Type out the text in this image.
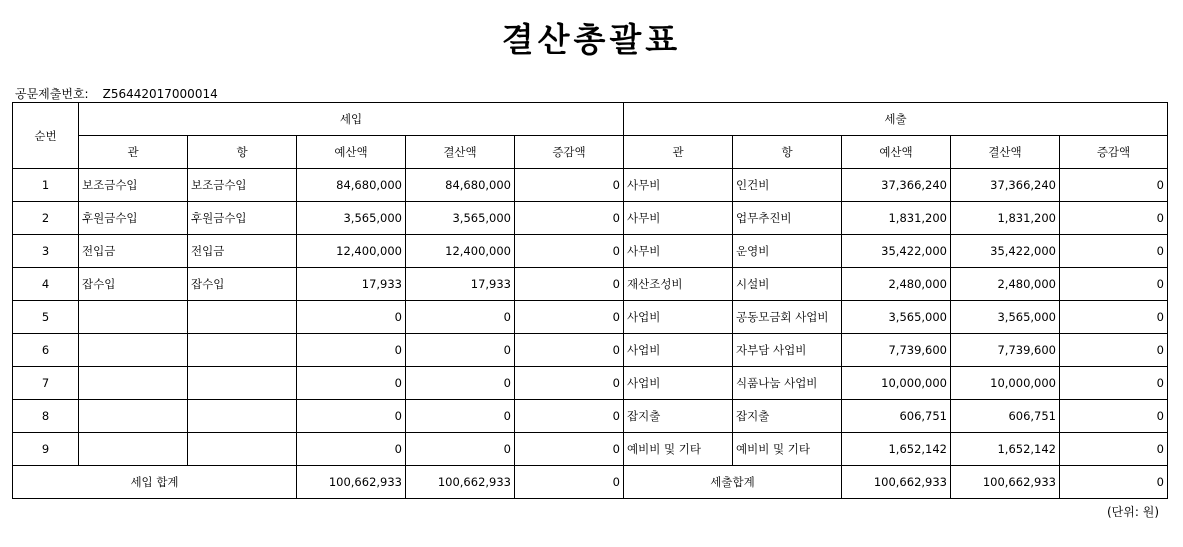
결산총괄표
공문제출번호: Z56442017000014
순번	세입					세출				
	관	항	예산액	결산액	증감액	관	항	예산액	결산액	증감액
1	보조금수입	보조금수입	84,680,000	84,680,000	0	사무비	인건비	37,366,240	37,366,240	0
2	후원금수입	후원금수입	3,565,000	3,565,000	0	사무비	업무추진비	1,831,200	1,831,200	0
3	전입금	전입금	12,400,000	12,400,000	0	사무비	운영비	35,422,000	35,422,000	0
4	잡수입	잡수입	17,933	17,933	0	재산조성비	시설비	2,480,000	2,480,000	0
5			0	0	0	사업비	공동모금회 사업비	3,565,000	3,565,000	0
6			0	0	0	사업비	자부담 사업비	7,739,600	7,739,600	0
7			0	0	0	사업비	식품나눔 사업비	10,000,000	10,000,000	0
8			0	0	0	잡지출	잡지출	606,751	606,751	0
9			0	0	0	예비비 및 기타	예비비 및 기타	1,652,142	1,652,142	0
세입 합계			100,662,933	100,662,933	0	세출합계		100,662,933	100,662,933	0
(단위: 원)
